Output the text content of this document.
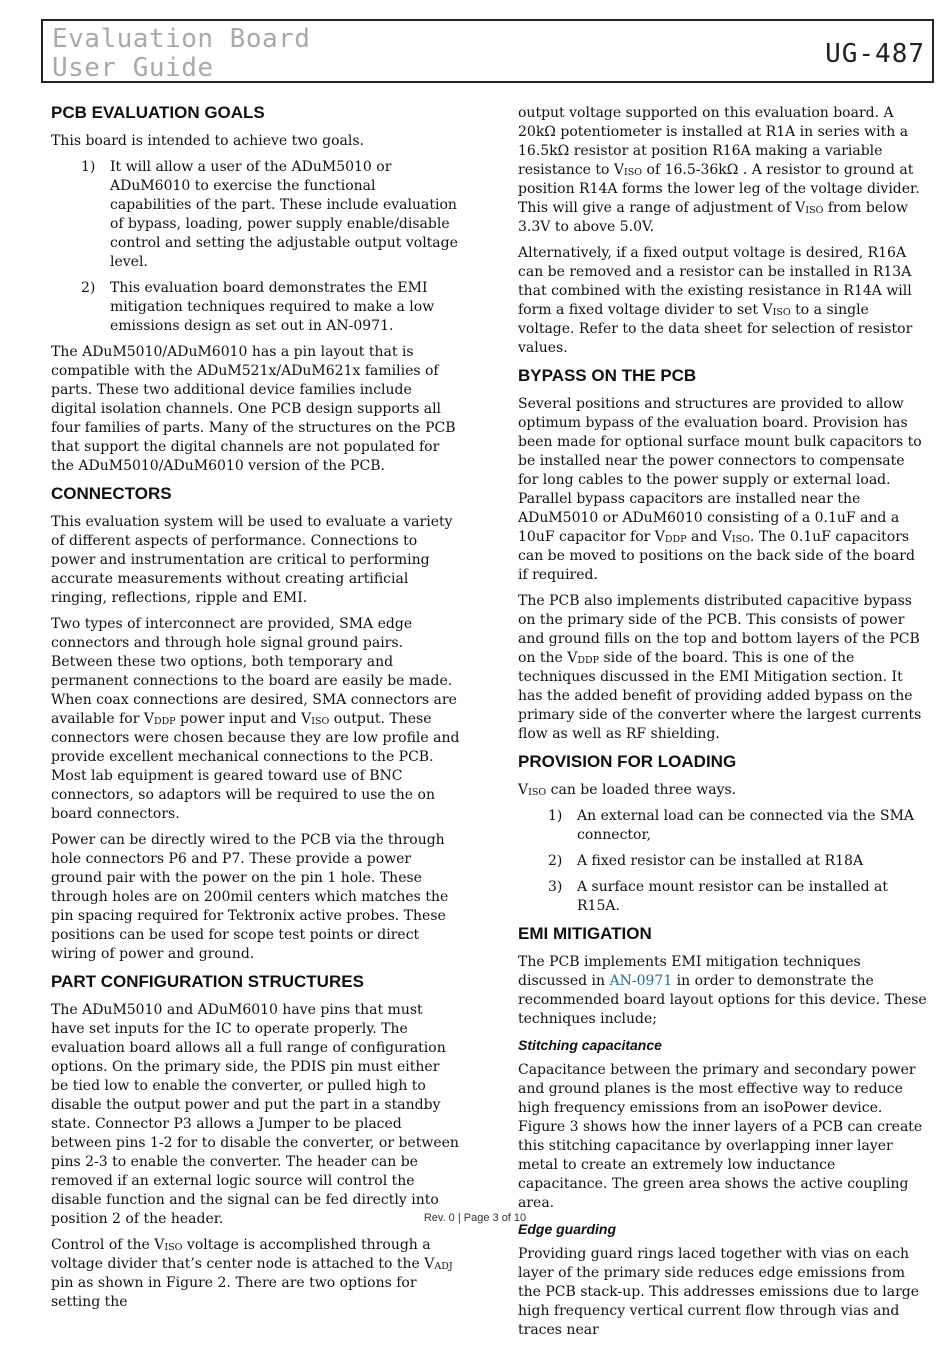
Evaluation Board
User Guide	UG-487
PCB EVALUATION GOALS

This board is intended to achieve two goals.

1) It will allow a user of the ADuM5010 or ADuM6010 to exercise the functional capabilities of the part. These include evaluation of bypass, loading, power supply enable/disable control and setting the adjustable output voltage level.
2) This evaluation board demonstrates the EMI mitigation techniques required to make a low emissions design as set out in AN-0971.

The ADuM5010/ADuM6010 has a pin layout that is compatible with the ADuM521x/ADuM621x families of parts. These two additional device families include digital isolation channels. One PCB design supports all four families of parts. Many of the structures on the PCB that support the digital channels are not populated for the ADuM5010/ADuM6010 version of the PCB.

CONNECTORS

This evaluation system will be used to evaluate a variety of different aspects of performance. Connections to power and instrumentation are critical to performing accurate measurements without creating artificial ringing, reflections, ripple and EMI.

Two types of interconnect are provided, SMA edge connectors and through hole signal ground pairs. Between these two options, both temporary and permanent connections to the board are easily be made. When coax connections are desired, SMA connectors are available for $V_{DDP}$ power input and $V_{ISO}$ output. These connectors were chosen because they are low profile and provide excellent mechanical connections to the PCB. Most lab equipment is geared toward use of BNC connectors, so adaptors will be required to use the on board connectors.

Power can be directly wired to the PCB via the through hole connectors P6 and P7. These provide a power ground pair with the power on the pin 1 hole. These through holes are on 200mil centers which matches the pin spacing required for Tektronix active probes. These positions can be used for scope test points or direct wiring of power and ground.

PART CONFIGURATION STRUCTURES

The ADuM5010 and ADuM6010 have pins that must have set inputs for the IC to operate properly. The evaluation board allows all a full range of configuration options. On the primary side, the PDIS pin must either be tied low to enable the converter, or pulled high to disable the output power and put the part in a standby state. Connector P3 allows a Jumper to be placed between pins 1-2 for to disable the converter, or between pins 2-3 to enable the converter. The header can be removed if an external logic source will control the disable function and the signal can be fed directly into position 2 of the header.

Control of the $V_{ISO}$ voltage is accomplished through a voltage divider that’s center node is attached to the $V_{ADJ}$ pin as shown in Figure 2. There are two options for setting the

output voltage supported on this evaluation board. A 20kΩ potentiometer is installed at R1A in series with a 16.5kΩ resistor at position R16A making a variable resistance to $V_{ISO}$ of 16.5-36kΩ . A resistor to ground at position R14A forms the lower leg of the voltage divider. This will give a range of adjustment of $V_{ISO}$ from below 3.3V to above 5.0V.

Alternatively, if a fixed output voltage is desired, R16A can be removed and a resistor can be installed in R13A that combined with the existing resistance in R14A will form a fixed voltage divider to set $V_{ISO}$ to a single voltage. Refer to the data sheet for selection of resistor values.

BYPASS ON THE PCB

Several positions and structures are provided to allow optimum bypass of the evaluation board. Provision has been made for optional surface mount bulk capacitors to be installed near the power connectors to compensate for long cables to the power supply or external load. Parallel bypass capacitors are installed near the ADuM5010 or ADuM6010 consisting of a 0.1uF and a 10uF capacitor for $V_{DDP}$ and $V_{ISO}$. The 0.1uF capacitors can be moved to positions on the back side of the board if required.

The PCB also implements distributed capacitive bypass on the primary side of the PCB. This consists of power and ground fills on the top and bottom layers of the PCB on the $V_{DDP}$ side of the board. This is one of the techniques discussed in the EMI Mitigation section. It has the added benefit of providing added bypass on the primary side of the converter where the largest currents flow as well as RF shielding.

PROVISION FOR LOADING

$V_{ISO}$ can be loaded three ways.

1) An external load can be connected via the SMA connector,
2) A fixed resistor can be installed at R18A
3) A surface mount resistor can be installed at R15A.
EMI MITIGATION

The PCB implements EMI mitigation techniques discussed in AN-0971 in order to demonstrate the recommended board layout options for this device. These techniques include;

Stitching capacitance

Capacitance between the primary and secondary power and ground planes is the most effective way to reduce high frequency emissions from an isoPower device. Figure 3 shows how the inner layers of a PCB can create this stitching capacitance by overlapping inner layer metal to create an extremely low inductance capacitance. The green area shows the active coupling area.

Edge guarding

Providing guard rings laced together with vias on each layer of the primary side reduces edge emissions from the PCB stack-up. This addresses emissions due to large high frequency vertical current flow through vias and traces near

Rev. 0 | Page 3 of 10
